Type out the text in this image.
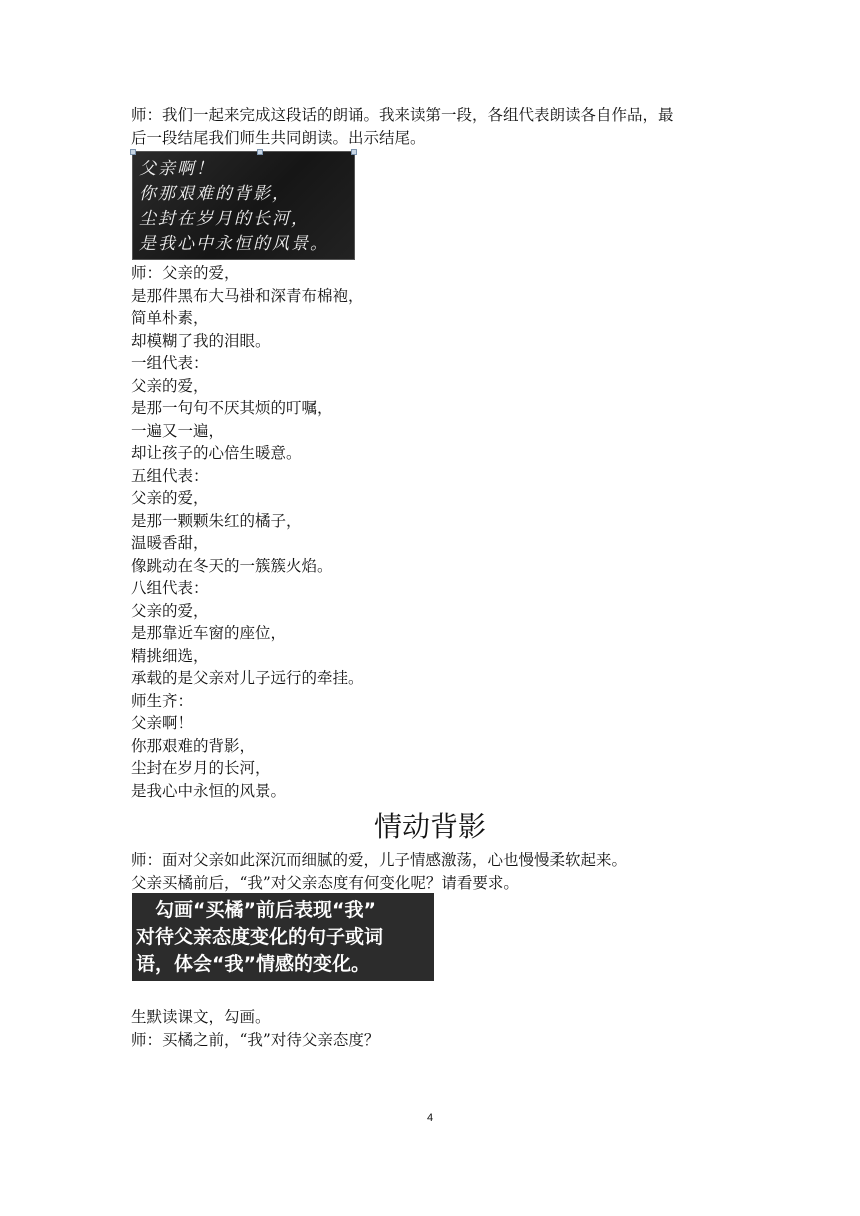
师：我们一起来完成这段话的朗诵。我来读第一段，各组代表朗读各自作品，最
后一段结尾我们师生共同朗读。出示结尾。

父亲啊！
你那艰难的背影，
尘封在岁月的长河，
是我心中永恒的风景。
师：父亲的爱，
是那件黑布大马褂和深青布棉袍，
简单朴素，
却模糊了我的泪眼。
一组代表：
父亲的爱，
是那一句句不厌其烦的叮嘱，
一遍又一遍，
却让孩子的心倍生暖意。
五组代表：
父亲的爱，
是那一颗颗朱红的橘子，
温暖香甜，
像跳动在冬天的一簇簇火焰。
八组代表：
父亲的爱，
是那靠近车窗的座位，
精挑细选，
承载的是父亲对儿子远行的牵挂。
师生齐：
父亲啊！
你那艰难的背影，
尘封在岁月的长河，
是我心中永恒的风景。
情动背影

师：面对父亲如此深沉而细腻的爱，儿子情感激荡，心也慢慢柔软起来。
父亲买橘前后，“我”对父亲态度有何变化呢？请看要求。

　勾画“买橘”前后表现“我”
对待父亲态度变化的句子或词
语，体会“我”情感的变化。

生默读课文，勾画。
师：买橘之前，“我”对待父亲态度？

4
